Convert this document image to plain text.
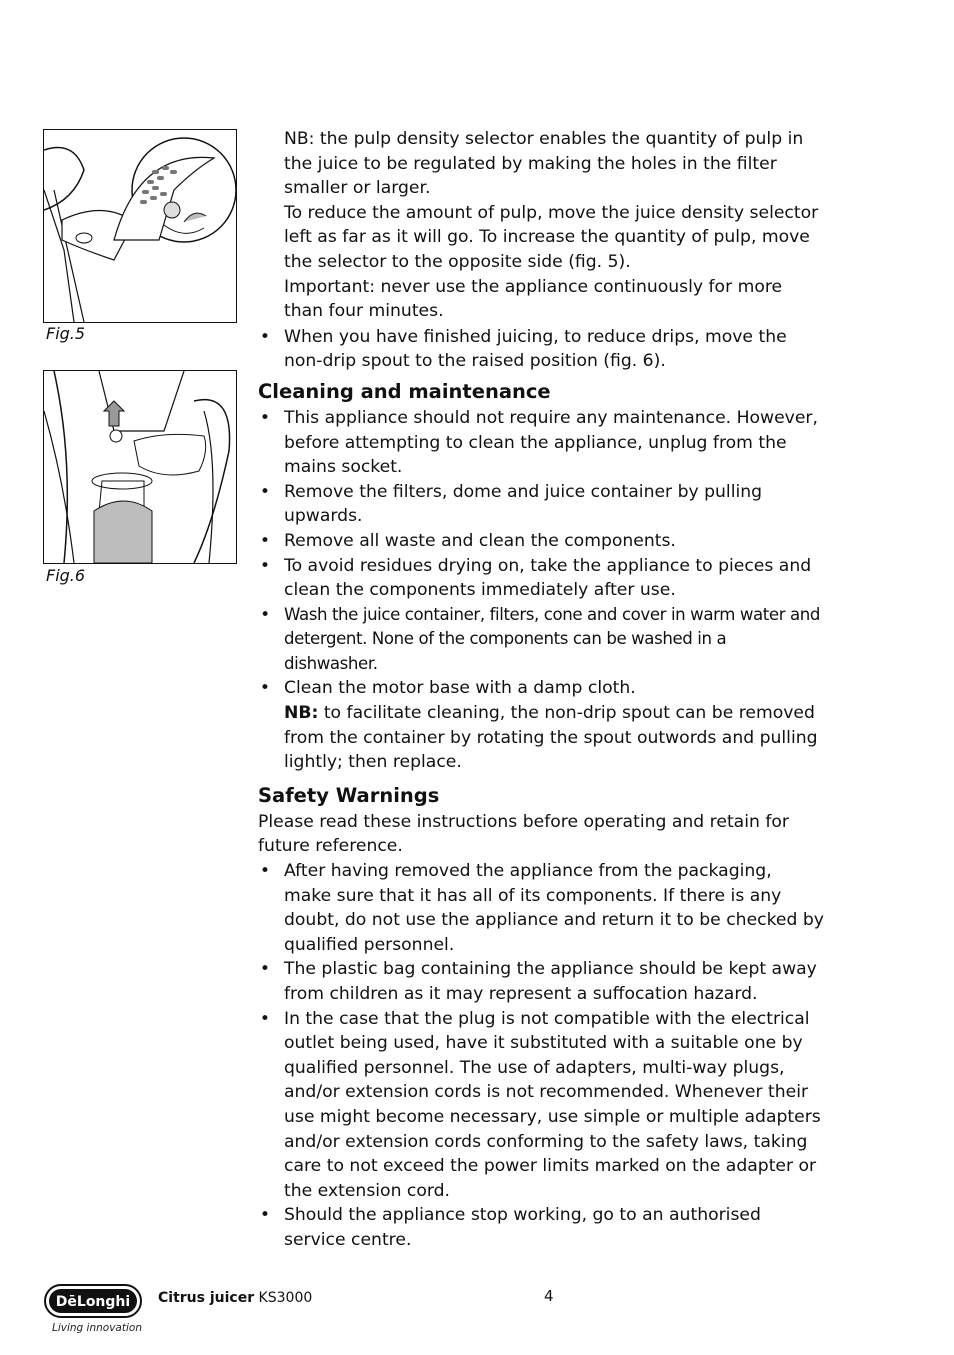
Fig.5
Fig.6

NB: the pulp density selector enables the quantity of pulp in the juice to be regulated by making the holes in the filter smaller or larger.

To reduce the amount of pulp, move the juice density selector left as far as it will go. To increase the quantity of pulp, move the selector to the opposite side (fig. 5).

Important: never use the appliance continuously for more than four minutes.

• When you have finished juicing, to reduce drips, move the non-drip spout to the raised position (fig. 6).
Cleaning and maintenance
• This appliance should not require any maintenance. However, before attempting to clean the appliance, unplug from the mains socket.
• Remove the filters, dome and juice container by pulling upwards.
• Remove all waste and clean the components.
• To avoid residues drying on, take the appliance to pieces and clean the components immediately after use.
• Wash the juice container, filters, cone and cover in warm water and detergent. None of the components can be washed in a dishwasher.
• Clean the motor base with a damp cloth.

NB: to facilitate cleaning, the non-drip spout can be removed from the container by rotating the spout outwords and pulling lightly; then replace.

Safety Warnings

Please read these instructions before operating and retain for future reference.

• After having removed the appliance from the packaging, make sure that it has all of its components. If there is any doubt, do not use the appliance and return it to be checked by qualified personnel.
• The plastic bag containing the appliance should be kept away from children as it may represent a suffocation hazard.
• In the case that the plug is not compatible with the electrical outlet being used, have it substituted with a suitable one by qualified personnel. The use of adapters, multi-way plugs, and/or extension cords is not recommended. Whenever their use might become necessary, use simple or multiple adapters and/or extension cords conforming to the safety laws, taking care to not exceed the power limits marked on the adapter or the extension cord.
• Should the appliance stop working, go to an authorised service centre.
DēLonghi
Living innovation
Citrus juicer KS3000	4
